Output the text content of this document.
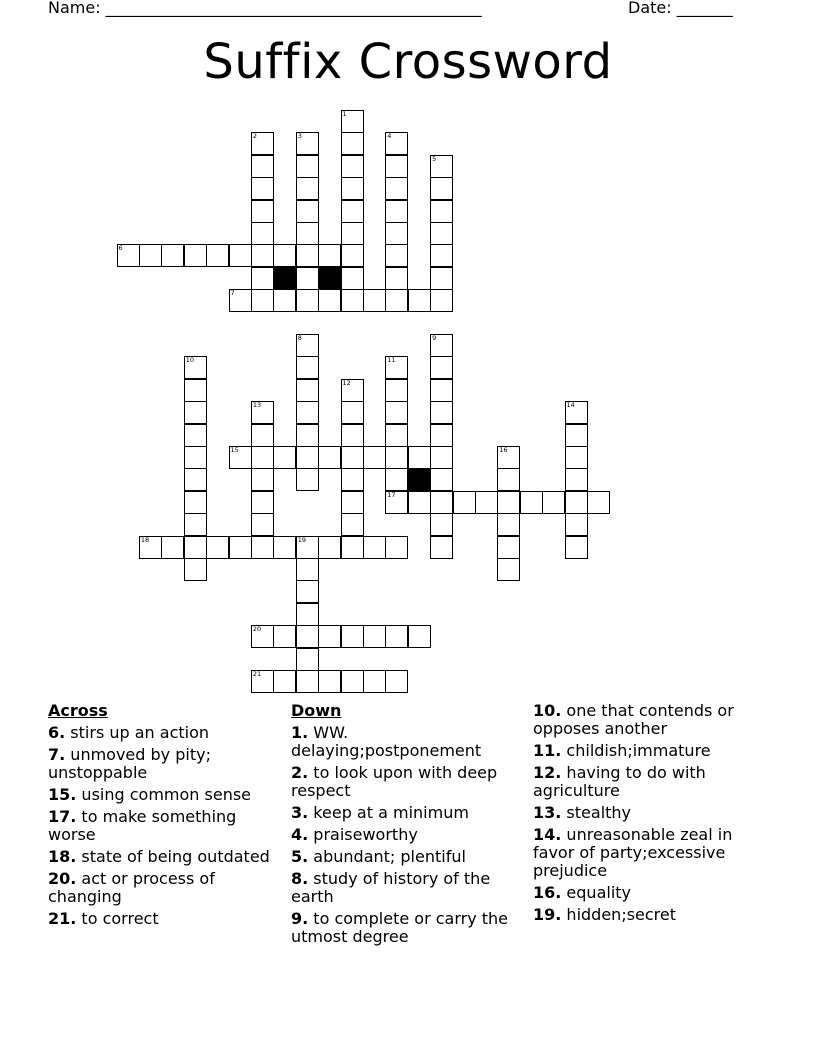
Name: _______________________________________________	Date: _______
Suffix Crossword
1
2	3	4
5
6
7
8	9
10	11
17
12
13	14
15	16
18	19
20
21
Across
6. stirs up an action
7. unmoved by pity; unstoppable
15. using common sense
17. to make something worse
18. state of being outdated
20. act or process of changing
21. to correct
Down
1. WW. delaying;postponement
2. to look upon with deep respect
3. keep at a minimum
4. praiseworthy
5. abundant; plentiful
8. study of history of the earth
9. to complete or carry the utmost degree
10. one that contends or opposes another
11. childish;immature
12. having to do with agriculture
13. stealthy
14. unreasonable zeal in favor of party;excessive prejudice
16. equality
19. hidden;secret
